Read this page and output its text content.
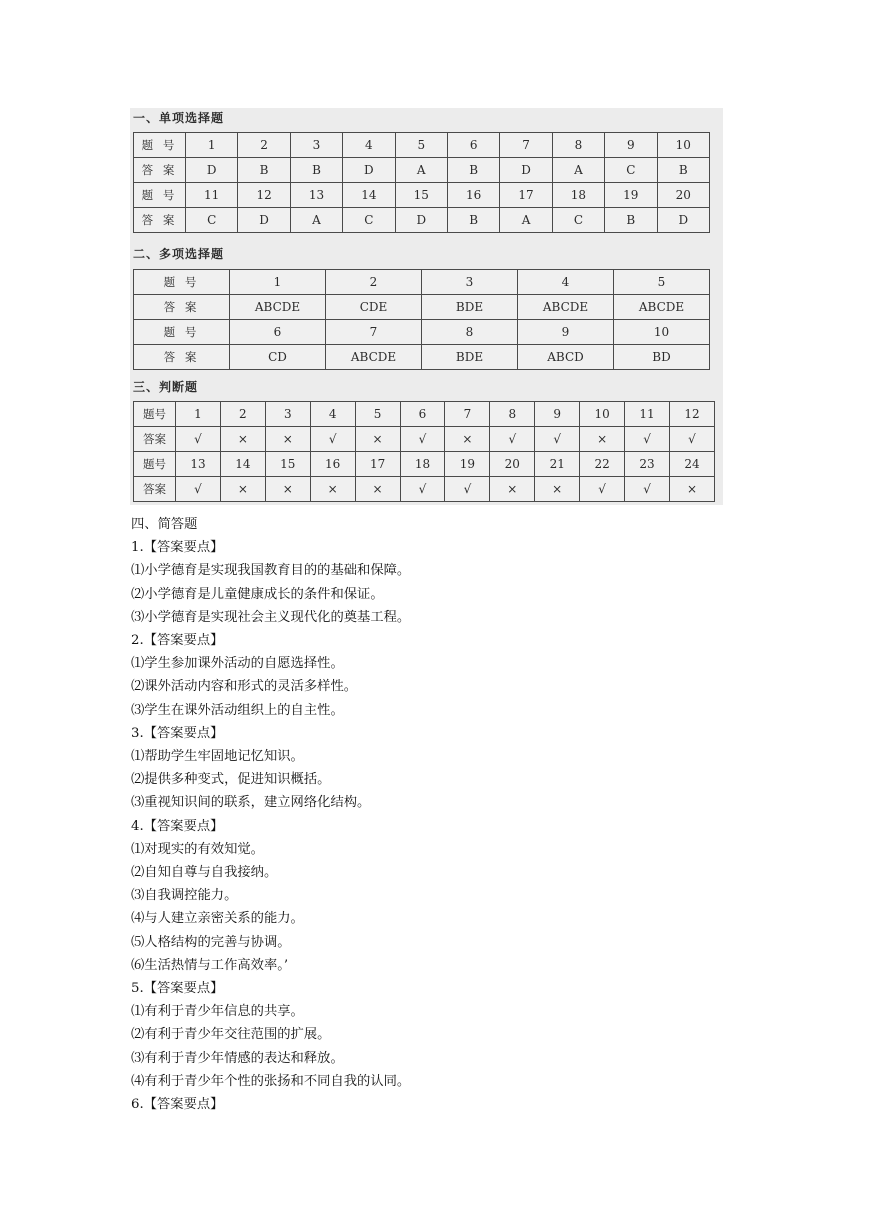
一、单项选择题
题 号	1	2	3	4	5	6	7	8	9	10
答 案	D	B	B	D	A	B	D	A	C	B
题 号	11	12	13	14	15	16	17	18	19	20
答 案	C	D	A	C	D	B	A	C	B	D
二、多项选择题
题 号	1	2	3	4	5
答 案	ABCDE	CDE	BDE	ABCDE	ABCDE
题 号	6	7	8	9	10
答 案	CD	ABCDE	BDE	ABCD	BD
三、判断题
题号	1	2	3	4	5	6	7	8	9	10	11	12
答案	√	×	×	√	×	√	×	√	√	×	√	√
题号	13	14	15	16	17	18	19	20	21	22	23	24
答案	√	×	×	×	×	√	√	×	×	√	√	×
四、简答题
1.【答案要点】
⑴小学德育是实现我国教育目的的基础和保障。
⑵小学德育是儿童健康成长的条件和保证。
⑶小学德育是实现社会主义现代化的奠基工程。
2.【答案要点】
⑴学生参加课外活动的自愿选择性。
⑵课外活动内容和形式的灵活多样性。
⑶学生在课外活动组织上的自主性。
3.【答案要点】
⑴帮助学生牢固地记忆知识。
⑵提供多种变式，促进知识概括。
⑶重视知识间的联系，建立网络化结构。
4.【答案要点】
⑴对现实的有效知觉。
⑵自知自尊与自我接纳。
⑶自我调控能力。
⑷与人建立亲密关系的能力。
⑸人格结构的完善与协调。
⑹生活热情与工作高效率。’
5.【答案要点】
⑴有利于青少年信息的共享。
⑵有利于青少年交往范围的扩展。
⑶有利于青少年情感的表达和释放。
⑷有利于青少年个性的张扬和不同自我的认同。
6.【答案要点】
